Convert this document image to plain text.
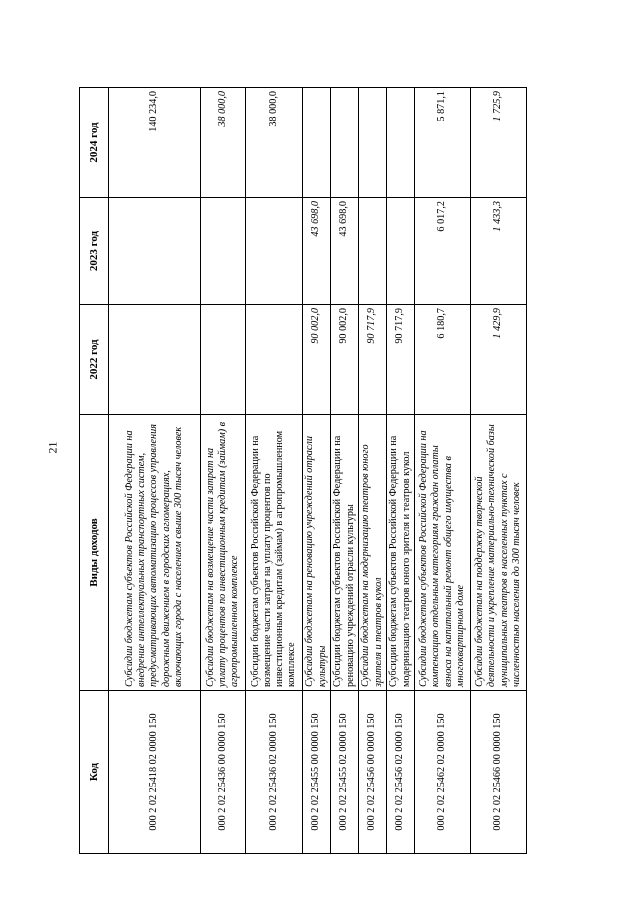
21
Код	Виды доходов	2022 год	2023 год	2024 год
000 2 02 25418 02 0000 150	Субсидии бюджетам субъектов Российской Федерации на внедрение интеллектуальных транспортных систем, предусматривающих автоматизацию процессов управления дорожным движением в городских агломерациях, включающих города с населением свыше 300 тысяч человек			140 234,0
000 2 02 25436 00 0000 150	Субсидии бюджетам на возмещение части затрат на уплату процентов по инвестиционным кредитам (займам) в агропромышленном комплексе			38 000,0
000 2 02 25436 02 0000 150	Субсидии бюджетам субъектов Российской Федерации на возмещение части затрат на уплату процентов по инвестиционным кредитам (займам) в агропромышленном комплексе			38 000,0
000 2 02 25455 00 0000 150	Субсидии бюджетам на реновацию учреждений отрасли культуры	90 002,0	43 698,0	
000 2 02 25455 02 0000 150	Субсидии бюджетам субъектов Российской Федерации на реновацию учреждений отрасли культуры	90 002,0	43 698,0	
000 2 02 25456 00 0000 150	Субсидии бюджетам на модернизацию театров юного зрителя и театров кукол	90 717,9		
000 2 02 25456 02 0000 150	Субсидии бюджетам субъектов Российской Федерации на модернизацию театров юного зрителя и театров кукол	90 717,9		
000 2 02 25462 02 0000 150	Субсидии бюджетам субъектов Российской Федерации на компенсацию отдельным категориям граждан оплаты взноса на капитальный ремонт общего имущества в многоквартирном доме	6 180,7	6 017,2	5 871,1
000 2 02 25466 00 0000 150	Субсидии бюджетам на поддержку творческой деятельности и укрепление материально-технической базы муниципальных театров в населенных пунктах с численностью населения до 300 тысяч человек	1 429,9	1 433,3	1 725,9
